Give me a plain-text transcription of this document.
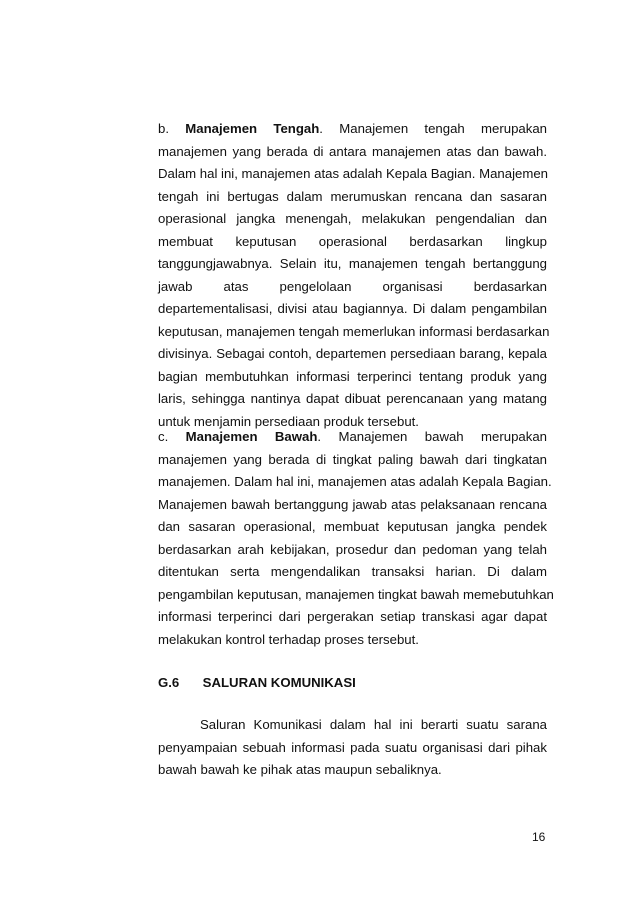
b. Manajemen Tengah. Manajemen tengah merupakan
manajemen yang berada di antara manajemen atas dan bawah.
Dalam hal ini, manajemen atas adalah Kepala Bagian. Manajemen
tengah ini bertugas dalam merumuskan rencana dan sasaran
operasional jangka menengah, melakukan pengendalian dan
membuat keputusan operasional berdasarkan lingkup
tanggungjawabnya. Selain itu, manajemen tengah bertanggung
jawab atas pengelolaan organisasi berdasarkan
departementalisasi, divisi atau bagiannya. Di dalam pengambilan
keputusan, manajemen tengah memerlukan informasi berdasarkan
divisinya. Sebagai contoh, departemen persediaan barang, kepala
bagian membutuhkan informasi terperinci tentang produk yang
laris, sehingga nantinya dapat dibuat perencanaan yang matang
untuk menjamin persediaan produk tersebut.
c. Manajemen Bawah. Manajemen bawah merupakan
manajemen yang berada di tingkat paling bawah dari tingkatan
manajemen. Dalam hal ini, manajemen atas adalah Kepala Bagian.
Manajemen bawah bertanggung jawab atas pelaksanaan rencana
dan sasaran operasional, membuat keputusan jangka pendek
berdasarkan arah kebijakan, prosedur dan pedoman yang telah
ditentukan serta mengendalikan transaksi harian. Di dalam
pengambilan keputusan, manajemen tingkat bawah memebutuhkan
informasi terperinci dari pergerakan setiap transkasi agar dapat
melakukan kontrol terhadap proses tersebut.
G.6 SALURAN KOMUNIKASI
Saluran Komunikasi dalam hal ini berarti suatu sarana
penyampaian sebuah informasi pada suatu organisasi dari pihak
bawah bawah ke pihak atas maupun sebaliknya.
16
